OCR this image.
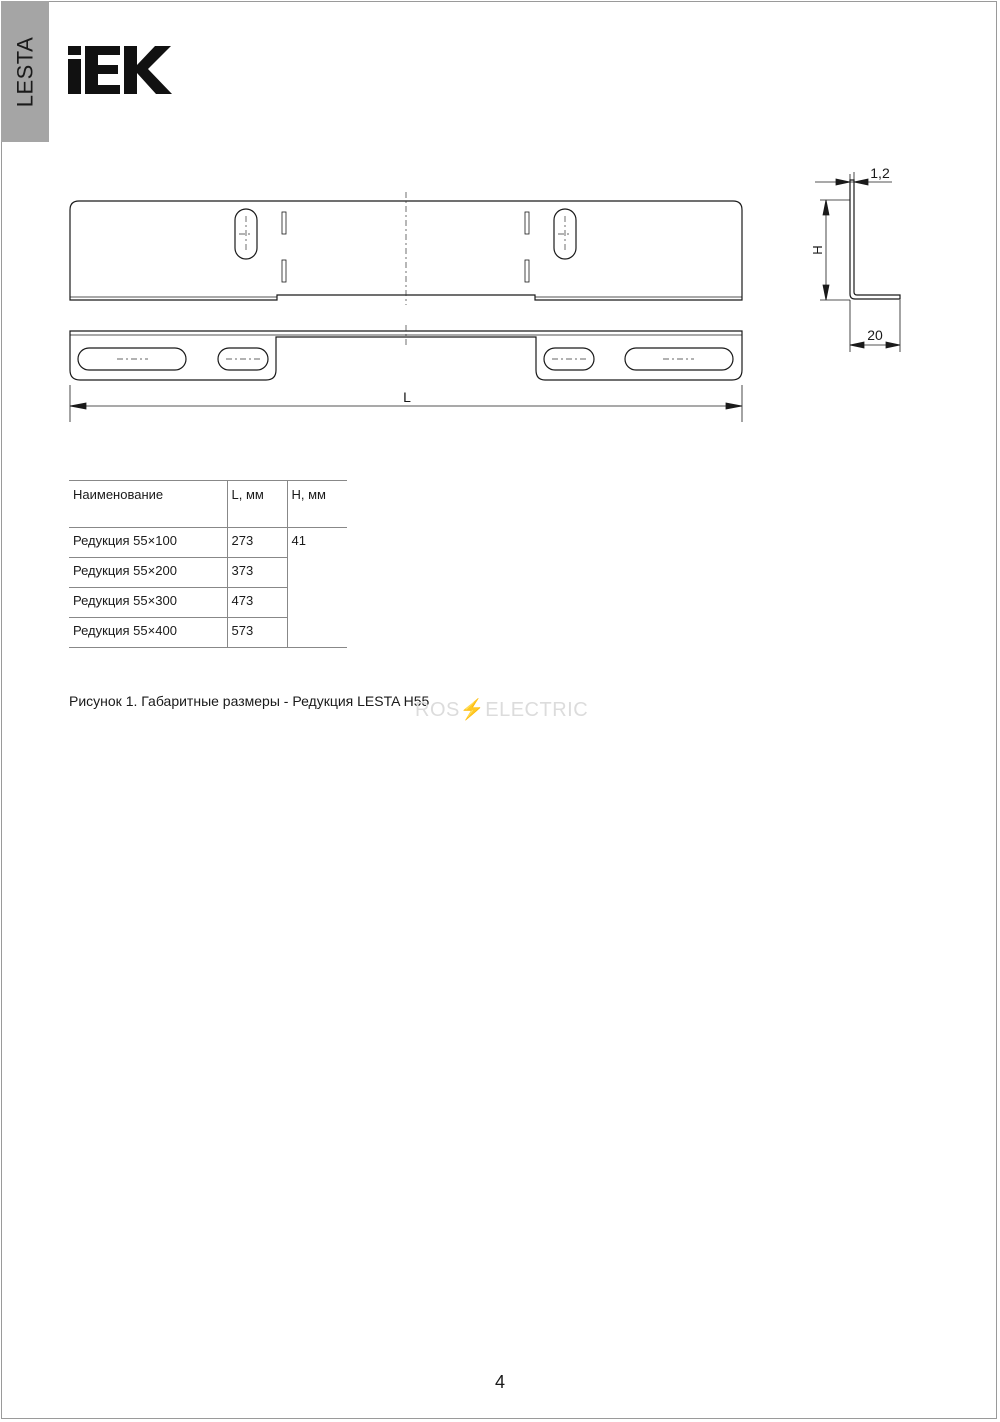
LESTA
L
1,2
H
20
Наименование	L, мм	H, мм
Редукция 55×100	273	41
Редукция 55×200	373	
Редукция 55×300	473	
Редукция 55×400	573	
Рисунок 1. Габаритные размеры - Редукция LESTA H55
ROS⚡ELECTRIC
4
